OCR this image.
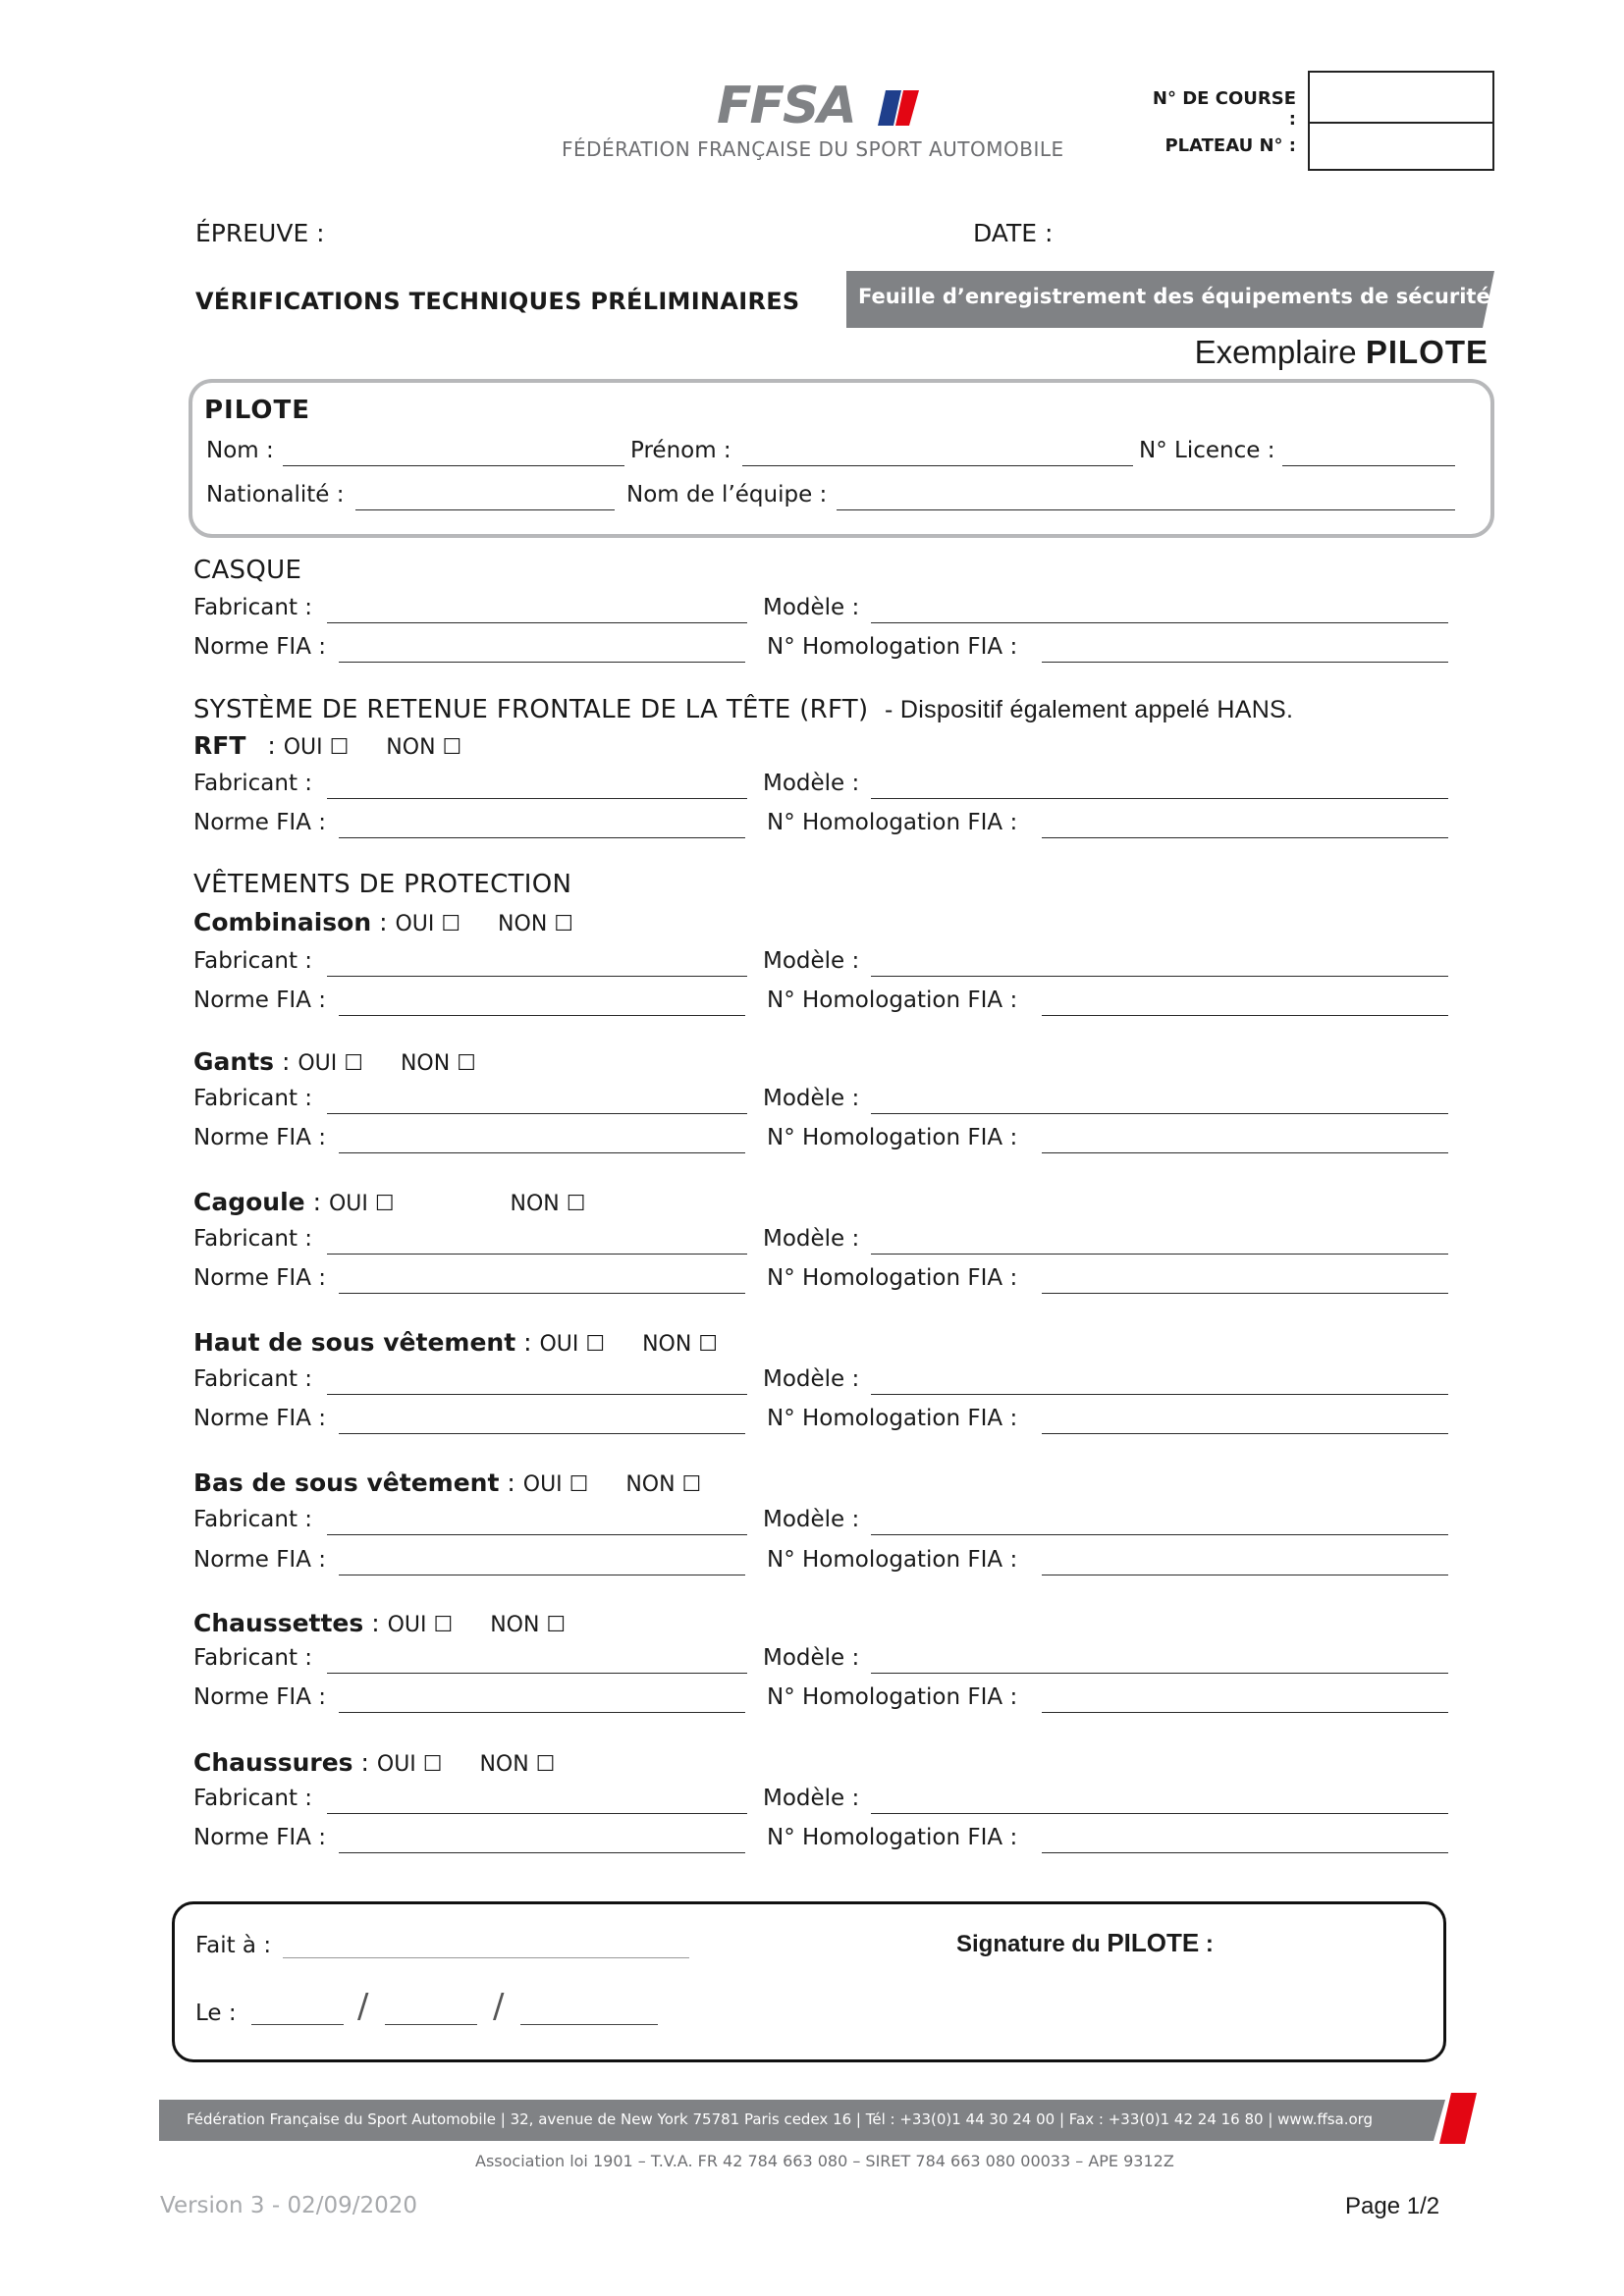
FFSA
FÉDÉRATION FRANÇAISE DU SPORT AUTOMOBILE
N° DE COURSE :
PLATEAU N° :
ÉPREUVE :	DATE :
VÉRIFICATIONS TECHNIQUES PRÉLIMINAIRES	Feuille d’enregistrement des équipements de sécurité
Exemplaire PILOTE
PILOTE
Nom :	Prénom :	N° Licence :
Nationalité :	Nom de l’équipe :
CASQUE
Fabricant :	Modèle :
Norme FIA :	N° Homologation FIA :
SYSTÈME DE RETENUE FRONTALE DE LA TÊTE (RFT) - Dispositif également appelé HANS.
RFT : OUI ☐ NON ☐
Fabricant :	Modèle :
Norme FIA :	N° Homologation FIA :
VÊTEMENTS DE PROTECTION
Combinaison : OUI ☐ NON ☐
Fabricant :	Modèle :
Norme FIA :	N° Homologation FIA :
Gants : OUI ☐ NON ☐
Fabricant :	Modèle :
Norme FIA :	N° Homologation FIA :
Cagoule : OUI ☐	NON ☐
Fabricant :	Modèle :
Norme FIA :	N° Homologation FIA :
Haut de sous vêtement : OUI ☐ NON ☐
Fabricant :	Modèle :
Norme FIA :	N° Homologation FIA :
Bas de sous vêtement : OUI ☐ NON ☐
Fabricant :	Modèle :
Norme FIA :	N° Homologation FIA :
Chaussettes : OUI ☐ NON ☐
Fabricant :	Modèle :
Norme FIA :	N° Homologation FIA :
Chaussures : OUI ☐ NON ☐
Fabricant :	Modèle :
Norme FIA :	N° Homologation FIA :
Fait à :
Le :	/	/
Signature du PILOTE :
Fédération Française du Sport Automobile | 32, avenue de New York 75781 Paris cedex 16 | Tél : +33(0)1 44 30 24 00 | Fax : +33(0)1 42 24 16 80 | www.ffsa.org
Association loi 1901 – T.V.A. FR 42 784 663 080 – SIRET 784 663 080 00033 – APE 9312Z
Version 3 - 02/09/2020	Page 1/2
